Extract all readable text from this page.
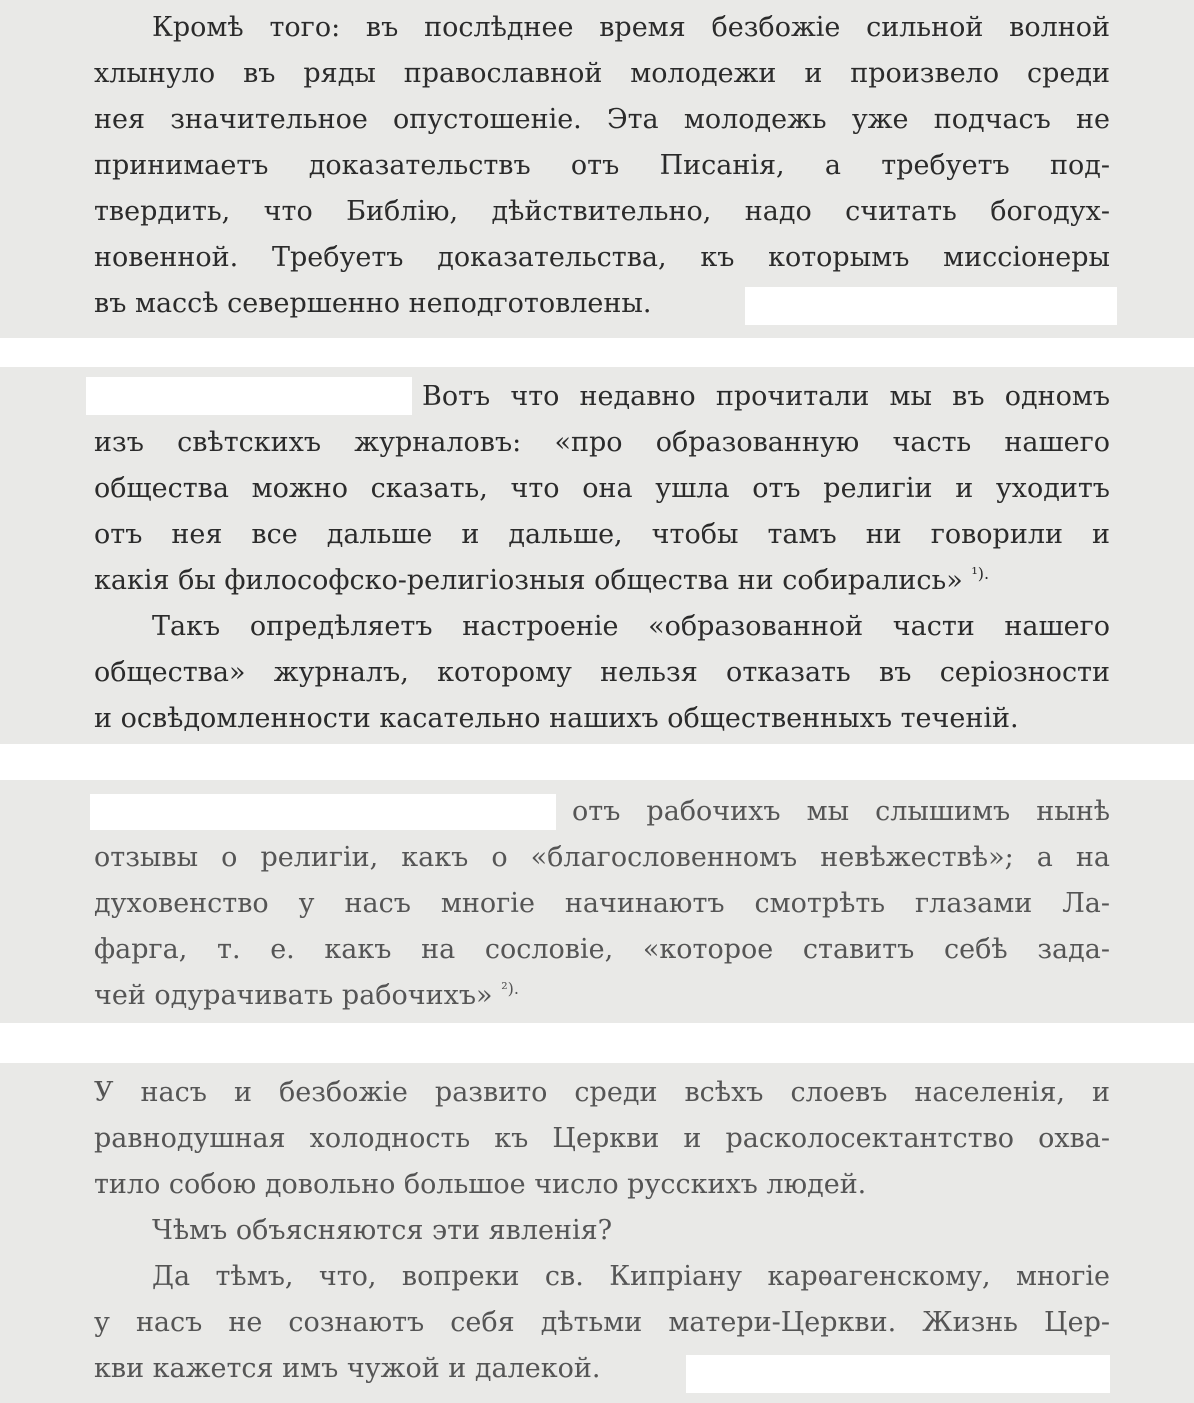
Кромѣ того: въ послѣднее время безбожіе сильной волной
хлынуло въ ряды православной молодежи и произвело среди
нея значительное опустошеніе. Эта молодежь уже подчасъ не
принимаетъ доказательствъ отъ Писанія, а требуетъ под-
твердить, что Библію, дѣйствительно, надо считать богодух-
новенной. Требуетъ доказательства, къ которымъ миссіонеры
въ массѣ севершенно неподготовлены.
Вотъ что недавно прочитали мы въ одномъ
изъ свѣтскихъ журналовъ: «про образованную часть нашего
общества можно сказать, что она ушла отъ религіи и уходитъ
отъ нея все дальше и дальше, чтобы тамъ ни говорили и
какія бы философско-религіозныя общества ни собирались» $^{^1).}$
Такъ опредѣляетъ настроеніе «образованной части нашего
общества» журналъ, которому нельзя отказать въ серіозности
и освѣдомленности касательно нашихъ общественныхъ теченій.
отъ рабочихъ мы слышимъ нынѣ
отзывы о религіи, какъ о «благословенномъ невѣжествѣ»; а на
духовенство у насъ многіе начинаютъ смотрѣть глазами Ла-
фарга, т. е. какъ на сословіе, «которое ставитъ себѣ зада-
чей одурачивать рабочихъ» $^{^2).}$
У насъ и безбожіе развито среди всѣхъ слоевъ населенія, и
равнодушная холодность къ Церкви и расколосектантство охва-
тило собою довольно большое число русскихъ людей.
Чѣмъ объясняются эти явленія?
Да тѣмъ, что, вопреки св. Кипріану карѳагенскому, многіе
у насъ не сознаютъ себя дѣтьми матери-Церкви. Жизнь Цер-
кви кажется имъ чужой и далекой.
